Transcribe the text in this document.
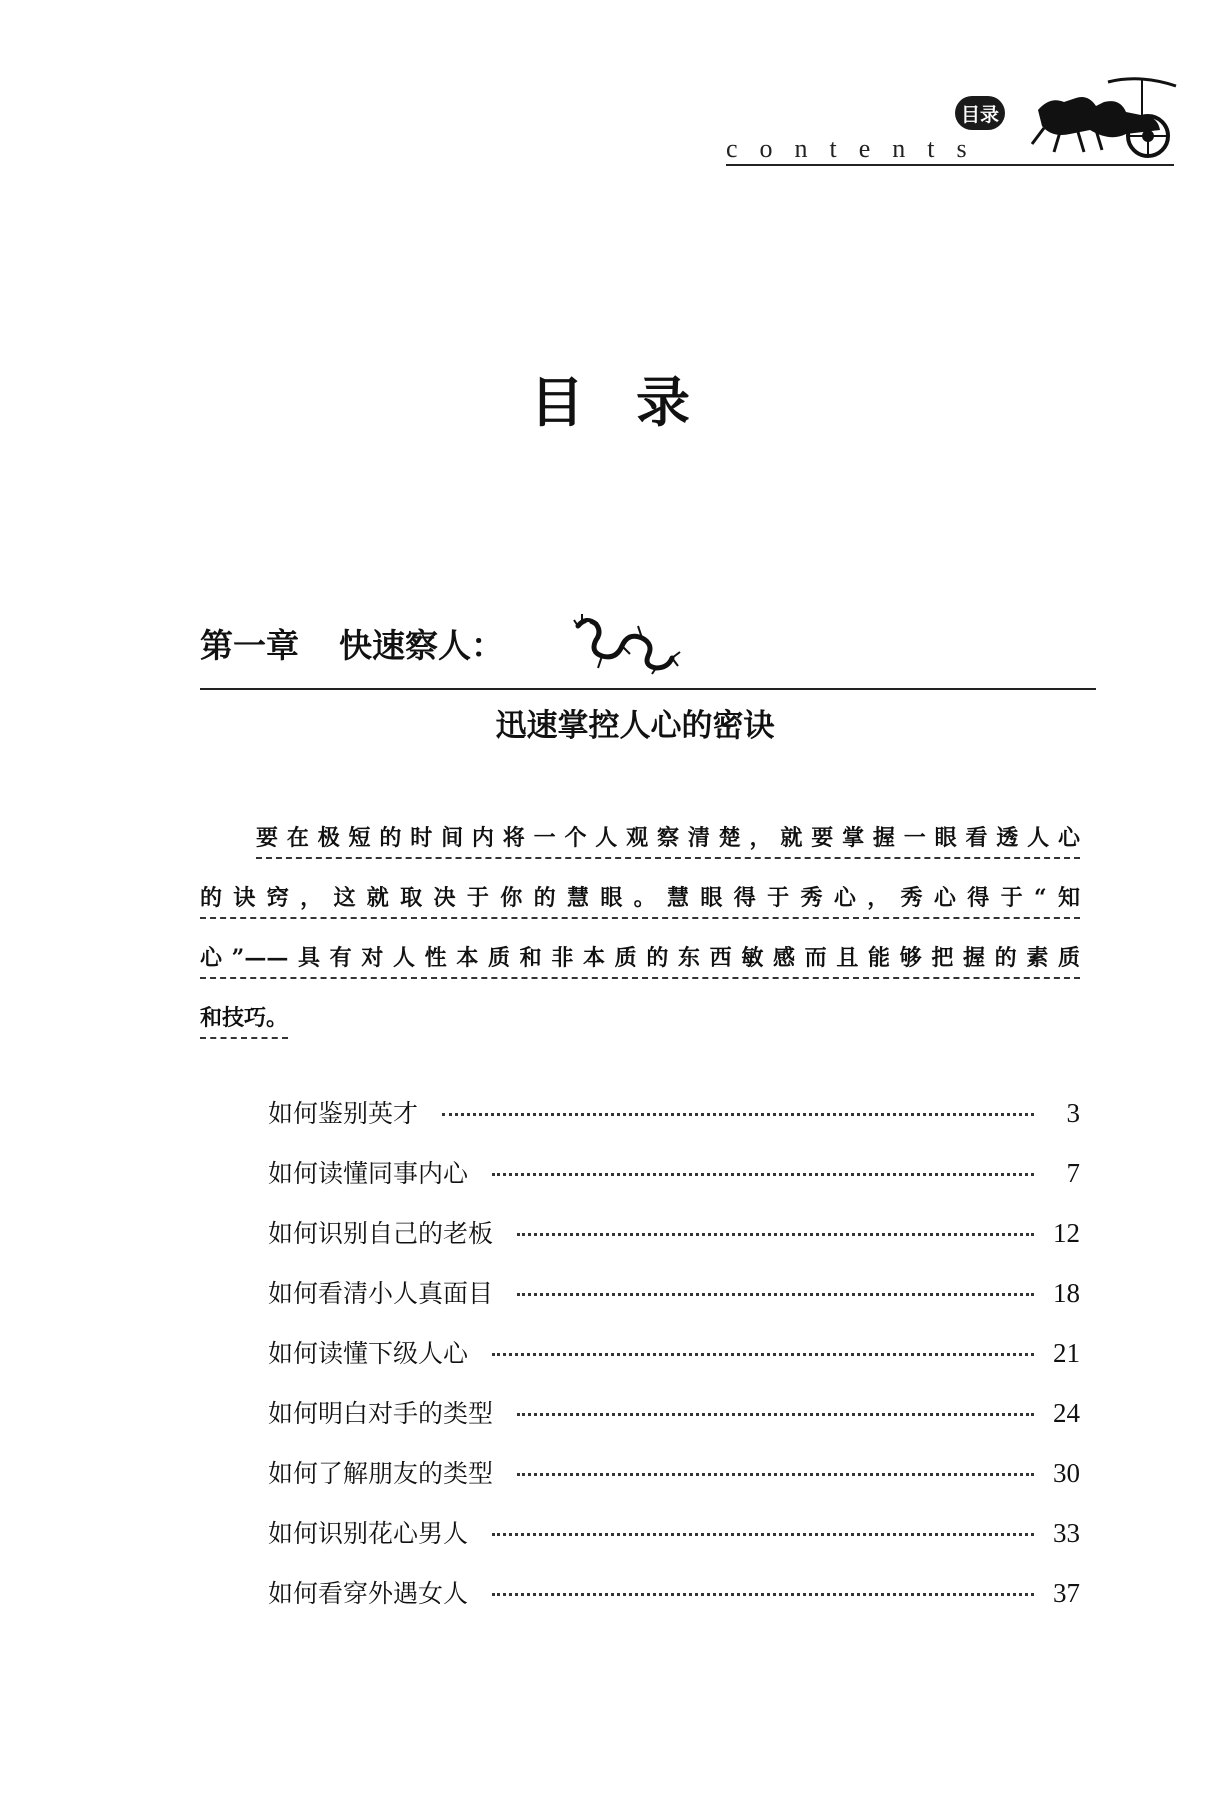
目录
contents
目录
第一章 快速察人：
迅速掌控人心的密诀
要在极短的时间内将一个人观察清楚，就要掌握一眼看透人心
的诀窍，这就取决于你的慧眼。慧眼得于秀心，秀心得于“知
心”——具有对人性本质和非本质的东西敏感而且能够把握的素质
和技巧。
如何鉴别英才	3
如何读懂同事内心	7
如何识别自己的老板	12
如何看清小人真面目	18
如何读懂下级人心	21
如何明白对手的类型	24
如何了解朋友的类型	30
如何识别花心男人	33
如何看穿外遇女人	37
